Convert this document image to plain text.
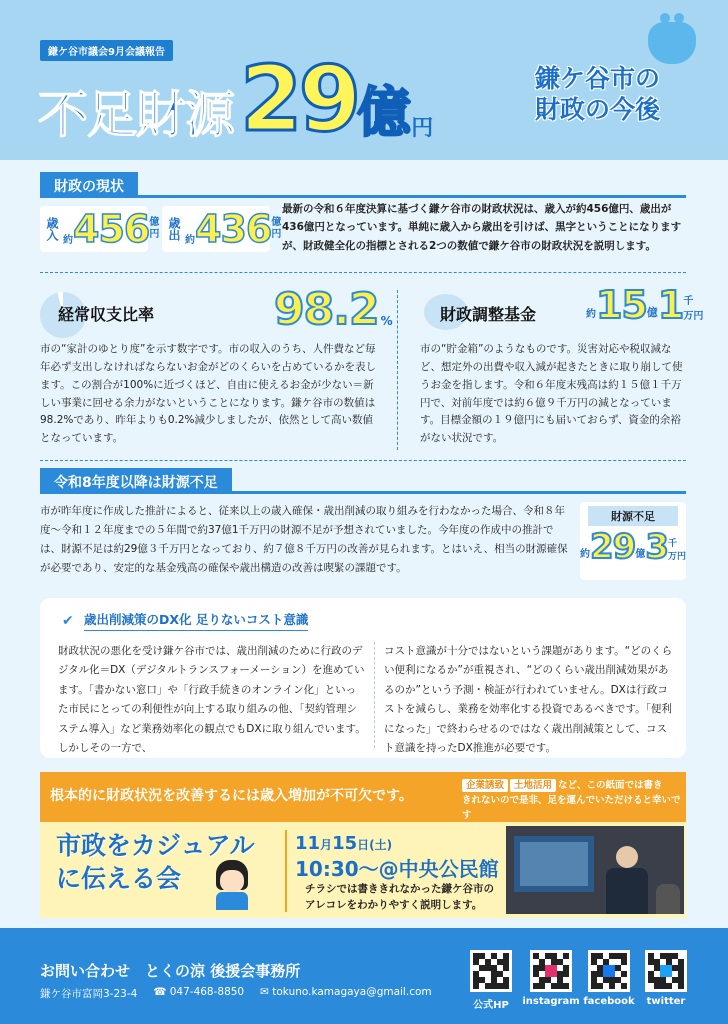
鎌ケ谷市議会9月会議報告
不足財源 29 億 円
鎌ケ谷市の
財政の今後
財政の現状
歳入 約 456 億
円 歳出 約 436 億
円
最新の令和６年度決算に基づく鎌ケ谷市の財政状況は、歳入が約456億円、歳出が436億円となっています。単純に歳入から歳出を引けば、黒字ということになりますが、財政健全化の指標とされる2つの数値で鎌ケ谷市の財政状況を説明します。
経常収支比率	98.2 %
市の“家計のゆとり度”を示す数字です。市の収入のうち、人件費など毎年必ず支出しなければならないお金がどのくらいを占めているかを表します。この割合が100%に近づくほど、自由に使えるお金が少ない＝新しい事業に回せる余力がないということになります。鎌ケ谷市の数値は98.2%であり、昨年よりも0.2%減少しましたが、依然として高い数値となっています。
財政調整基金	約 15 億 1 千
万円
市の“貯金箱”のようなものです。災害対応や税収減など、想定外の出費や収入減が起きたときに取り崩して使うお金を指します。令和６年度末残高は約１５億１千万円で、対前年度では約６億９千万円の減となっています。目標金額の１９億円にも届いておらず、資金的余裕がない状況です。
令和8年度以降は財源不足
市が昨年度に作成した推計によると、従来以上の歳入確保・歳出削減の取り組みを行わなかった場合、令和８年度〜令和１２年度までの５年間で約37億1千万円の財源不足が予想されていました。今年度の作成中の推計では、財源不足は約29億３千万円となっており、約７億８千万円の改善が見られます。とはいえ、相当の財源確保が必要であり、安定的な基金残高の確保や歳出構造の改善は喫緊の課題です。
財源不足
約 29 億 3 千
万円
✔ 歳出削減策のDX化 足りないコスト意識
財政状況の悪化を受け鎌ケ谷市では、歳出削減のために行政のデジタル化＝DX（デジタルトランスフォーメーション）を進めています。「書かない窓口」や「行政手続きのオンライン化」といった市民にとっての利便性が向上する取り組みの他、「契約管理システム導入」など業務効率化の観点でもDXに取り組んでいます。しかしその一方で、
コスト意識が十分ではないという課題があります。“どのくらい便利になるか”が重視され、“どのくらい歳出削減効果があるのか”という予測・検証が行われていません。DXは行政コストを減らし、業務を効率化する投資であるべきです。「便利になった」で終わらせるのではなく歳出削減策として、コスト意識を持ったDX推進が必要です。
根本的に財政状況を改善するには歳入増加が不可欠です。
企業誘致 土地活用 など、この紙面では書き
きれないので是非、足を運んでいただけると幸いです
市政をカジュアル
に伝える会
11月15日(土)
10:30～@中央公民館
チラシでは書ききれなかった鎌ケ谷市の
アレコレをわかりやすく説明します。
お問い合わせ　とくの涼 後援会事務所
鎌ケ谷市富岡3-23-4 ☎ 047-468-8850 ✉ tokuno.kamagaya@gmail.com
公式HP	instagram facebook	twitter
